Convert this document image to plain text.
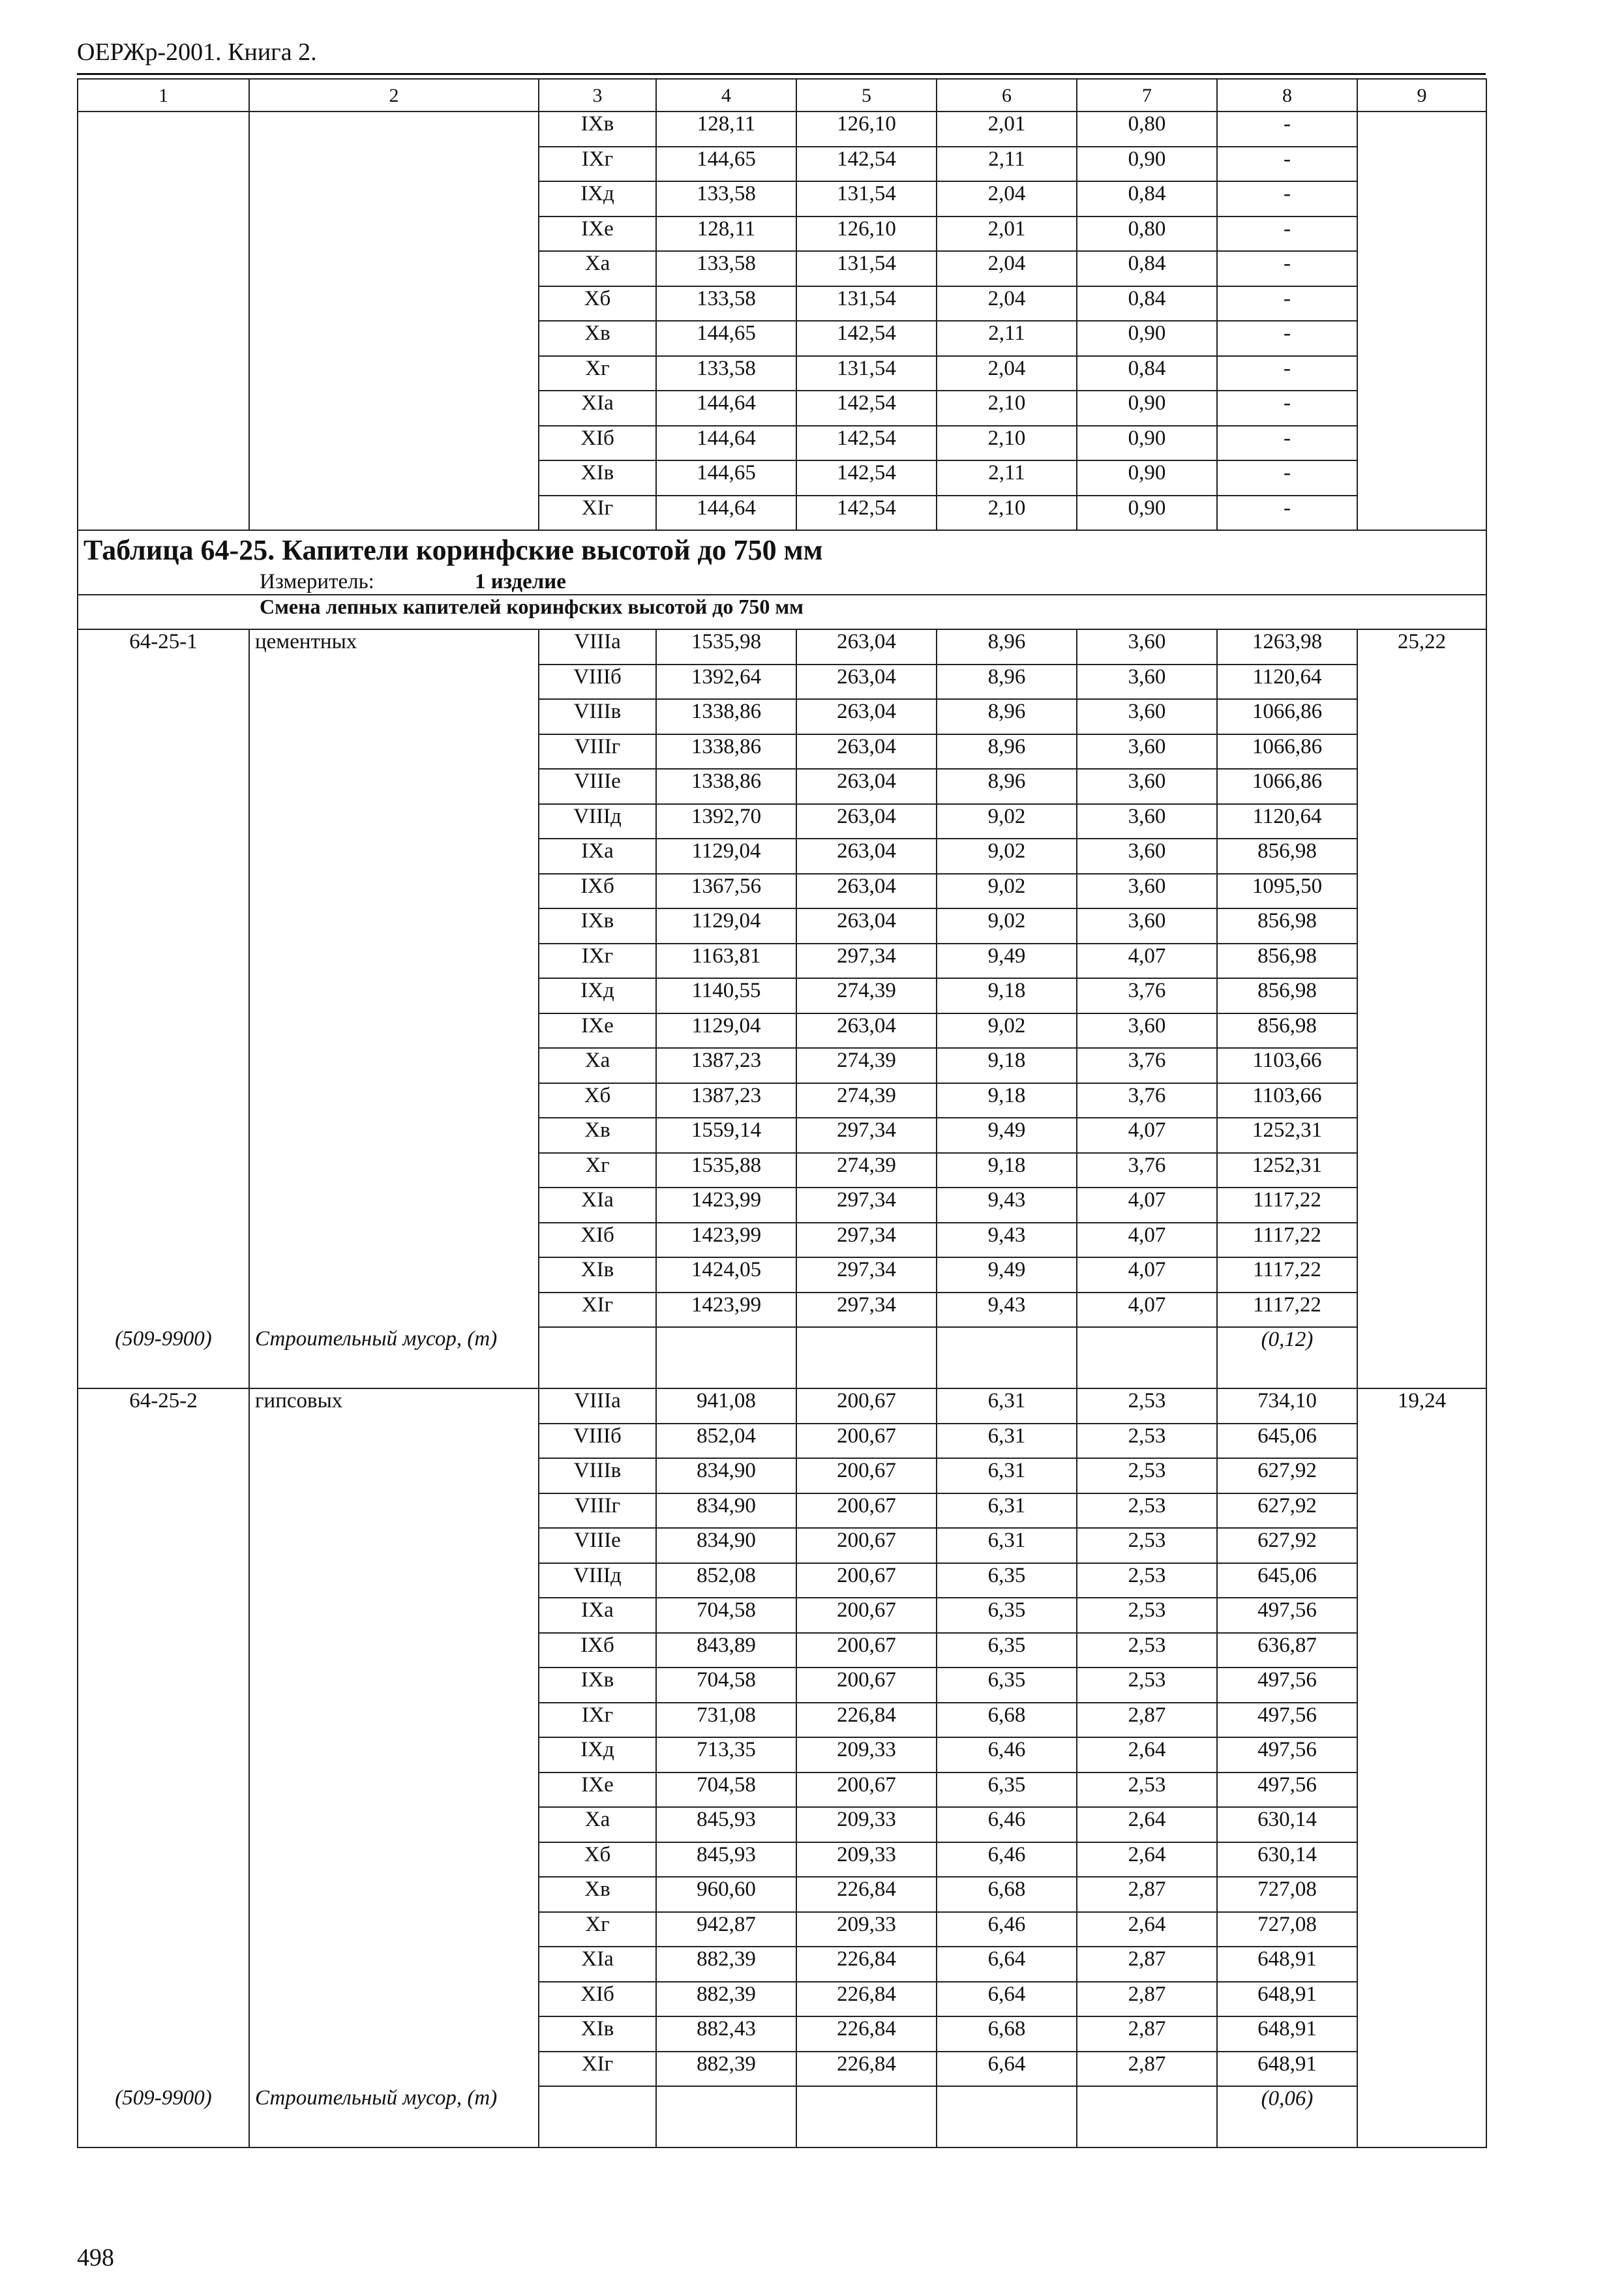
ОЕРЖр-2001. Книга 2.
1	2	3	4	5	6	7	8	9
		IXв	128,11	126,10	2,01	0,80	-	
		IXг	144,65	142,54	2,11	0,90	-	
		IXд	133,58	131,54	2,04	0,84	-	
		IXе	128,11	126,10	2,01	0,80	-	
		Xа	133,58	131,54	2,04	0,84	-	
		Xб	133,58	131,54	2,04	0,84	-	
		Xв	144,65	142,54	2,11	0,90	-	
		Xг	133,58	131,54	2,04	0,84	-	
		XIа	144,64	142,54	2,10	0,90	-	
		XIб	144,64	142,54	2,10	0,90	-	
		XIв	144,65	142,54	2,11	0,90	-	
		XIг	144,64	142,54	2,10	0,90	-	

Таблица 64-25. Капители коринфские высотой до 750 мм
Измеритель: 1 изделие								

Смена лепных капителей коринфских высотой до 750 мм								
64-25-1	цементных	VIIIа	1535,98	263,04	8,96	3,60	1263,98	25,22
		VIIIб	1392,64	263,04	8,96	3,60	1120,64	
		VIIIв	1338,86	263,04	8,96	3,60	1066,86	
		VIIIг	1338,86	263,04	8,96	3,60	1066,86	
		VIIIе	1338,86	263,04	8,96	3,60	1066,86	
		VIIIд	1392,70	263,04	9,02	3,60	1120,64	
		IXа	1129,04	263,04	9,02	3,60	856,98	
		IXб	1367,56	263,04	9,02	3,60	1095,50	
		IXв	1129,04	263,04	9,02	3,60	856,98	
		IXг	1163,81	297,34	9,49	4,07	856,98	
		IXд	1140,55	274,39	9,18	3,76	856,98	
		IXе	1129,04	263,04	9,02	3,60	856,98	
		Xа	1387,23	274,39	9,18	3,76	1103,66	
		Xб	1387,23	274,39	9,18	3,76	1103,66	
		Xв	1559,14	297,34	9,49	4,07	1252,31	
		Xг	1535,88	274,39	9,18	3,76	1252,31	
		XIа	1423,99	297,34	9,43	4,07	1117,22	
		XIб	1423,99	297,34	9,43	4,07	1117,22	
		XIв	1424,05	297,34	9,49	4,07	1117,22	
		XIг	1423,99	297,34	9,43	4,07	1117,22	
(509-9900)	Строительный мусор, (т)						(0,12)	
64-25-2	гипсовых	VIIIа	941,08	200,67	6,31	2,53	734,10	19,24
		VIIIб	852,04	200,67	6,31	2,53	645,06	
		VIIIв	834,90	200,67	6,31	2,53	627,92	
		VIIIг	834,90	200,67	6,31	2,53	627,92	
		VIIIе	834,90	200,67	6,31	2,53	627,92	
		VIIIд	852,08	200,67	6,35	2,53	645,06	
		IXа	704,58	200,67	6,35	2,53	497,56	
		IXб	843,89	200,67	6,35	2,53	636,87	
		IXв	704,58	200,67	6,35	2,53	497,56	
		IXг	731,08	226,84	6,68	2,87	497,56	
		IXд	713,35	209,33	6,46	2,64	497,56	
		IXе	704,58	200,67	6,35	2,53	497,56	
		Xа	845,93	209,33	6,46	2,64	630,14	
		Xб	845,93	209,33	6,46	2,64	630,14	
		Xв	960,60	226,84	6,68	2,87	727,08	
		Xг	942,87	209,33	6,46	2,64	727,08	
		XIа	882,39	226,84	6,64	2,87	648,91	
		XIб	882,39	226,84	6,64	2,87	648,91	
		XIв	882,43	226,84	6,68	2,87	648,91	
		XIг	882,39	226,84	6,64	2,87	648,91	
(509-9900)	Строительный мусор, (т)						(0,06)	
498
